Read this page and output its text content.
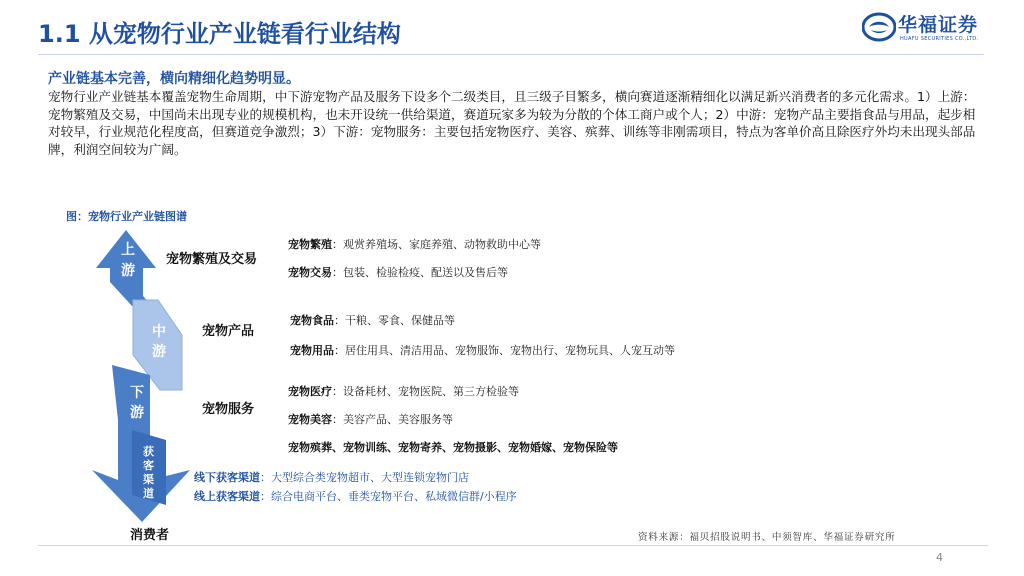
1.1 从宠物行业产业链看行业结构	华福证券
HUAFU SECURITIES CO.,LTD.
产业链基本完善，横向精细化趋势明显。
宠物行业产业链基本覆盖宠物生命周期，中下游宠物产品及服务下设多个二级类目，且三级子目繁多，横向赛道逐渐精细化以满足新兴消费者的多元化需求。1）上游：宠物繁殖及交易，中国尚未出现专业的规模机构，也未开设统一供给渠道，赛道玩家多为较为分散的个体工商户或个人；2）中游：宠物产品主要指食品与用品，起步相对较早，行业规范化程度高，但赛道竞争激烈；3）下游：宠物服务：主要包括宠物医疗、美容、殡葬、训练等非刚需项目，特点为客单价高且除医疗外均未出现头部品牌，利润空间较为广阔。
图：宠物行业产业链图谱
上
游
中
游
下
游
获
客
渠
道
宠物繁殖及交易
宠物产品
宠物服务
宠物繁殖：观赏养殖场、家庭养殖、动物救助中心等
宠物交易：包装、检验检疫、配送以及售后等
宠物食品：干粮、零食、保健品等
宠物用品：居住用具、清洁用品、宠物服饰、宠物出行、宠物玩具、人宠互动等
宠物医疗：设备耗材、宠物医院、第三方检验等
宠物美容：美容产品、美容服务等
宠物殡葬、宠物训练、宠物寄养、宠物摄影、宠物婚嫁、宠物保险等
线下获客渠道：大型综合类宠物超市、大型连锁宠物门店
线上获客渠道：综合电商平台、垂类宠物平台、私域微信群/小程序
消费者	资料来源：福贝招股说明书、中须智库、华福证券研究所
4
